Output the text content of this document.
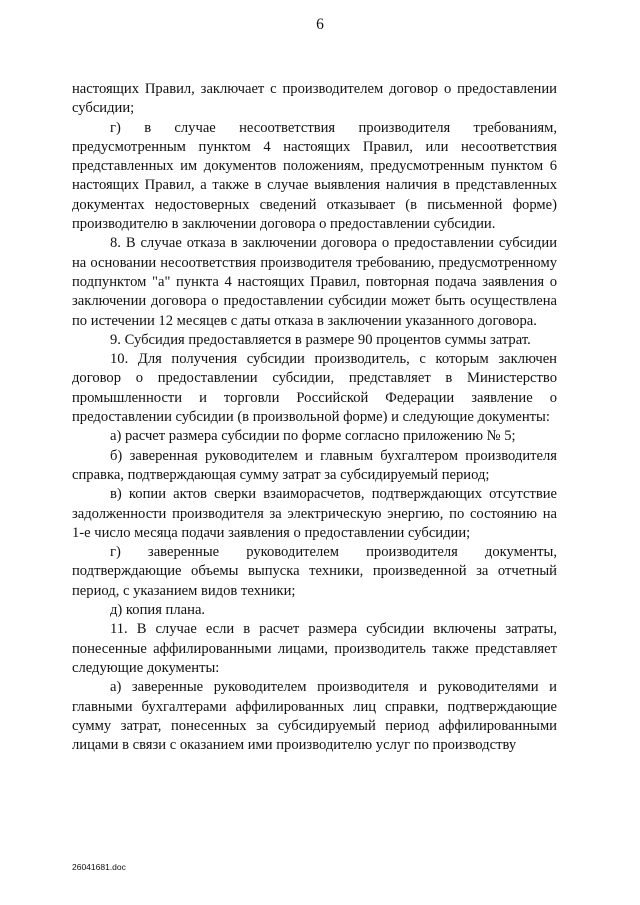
6

настоящих Правил, заключает с производителем договор о предоставлении субсидии;

г) в случае несоответствия производителя требованиям, предусмотренным пунктом 4 настоящих Правил, или несоответствия представленных им документов положениям, предусмотренным пунктом 6 настоящих Правил, а также в случае выявления наличия в представленных документах недостоверных сведений отказывает (в письменной форме) производителю в заключении договора о предоставлении субсидии.

8. В случае отказа в заключении договора о предоставлении субсидии на основании несоответствия производителя требованию, предусмотренному подпунктом "а" пункта 4 настоящих Правил, повторная подача заявления о заключении договора о предоставлении субсидии может быть осуществлена по истечении 12 месяцев с даты отказа в заключении указанного договора.

9. Субсидия предоставляется в размере 90 процентов суммы затрат.

10. Для получения субсидии производитель, с которым заключен договор о предоставлении субсидии, представляет в Министерство промышленности и торговли Российской Федерации заявление о предоставлении субсидии (в произвольной форме) и следующие документы:

а) расчет размера субсидии по форме согласно приложению № 5;

б) заверенная руководителем и главным бухгалтером производителя справка, подтверждающая сумму затрат за субсидируемый период;

в) копии актов сверки взаиморасчетов, подтверждающих отсутствие задолженности производителя за электрическую энергию, по состоянию на 1-е число месяца подачи заявления о предоставлении субсидии;

г) заверенные руководителем производителя документы, подтверждающие объемы выпуска техники, произведенной за отчетный период, с указанием видов техники;

д) копия плана.

11. В случае если в расчет размера субсидии включены затраты, понесенные аффилированными лицами, производитель также представляет следующие документы:

а) заверенные руководителем производителя и руководителями и главными бухгалтерами аффилированных лиц справки, подтверждающие сумму затрат, понесенных за субсидируемый период аффилированными лицами в связи с оказанием ими производителю услуг по производству

26041681.doc
